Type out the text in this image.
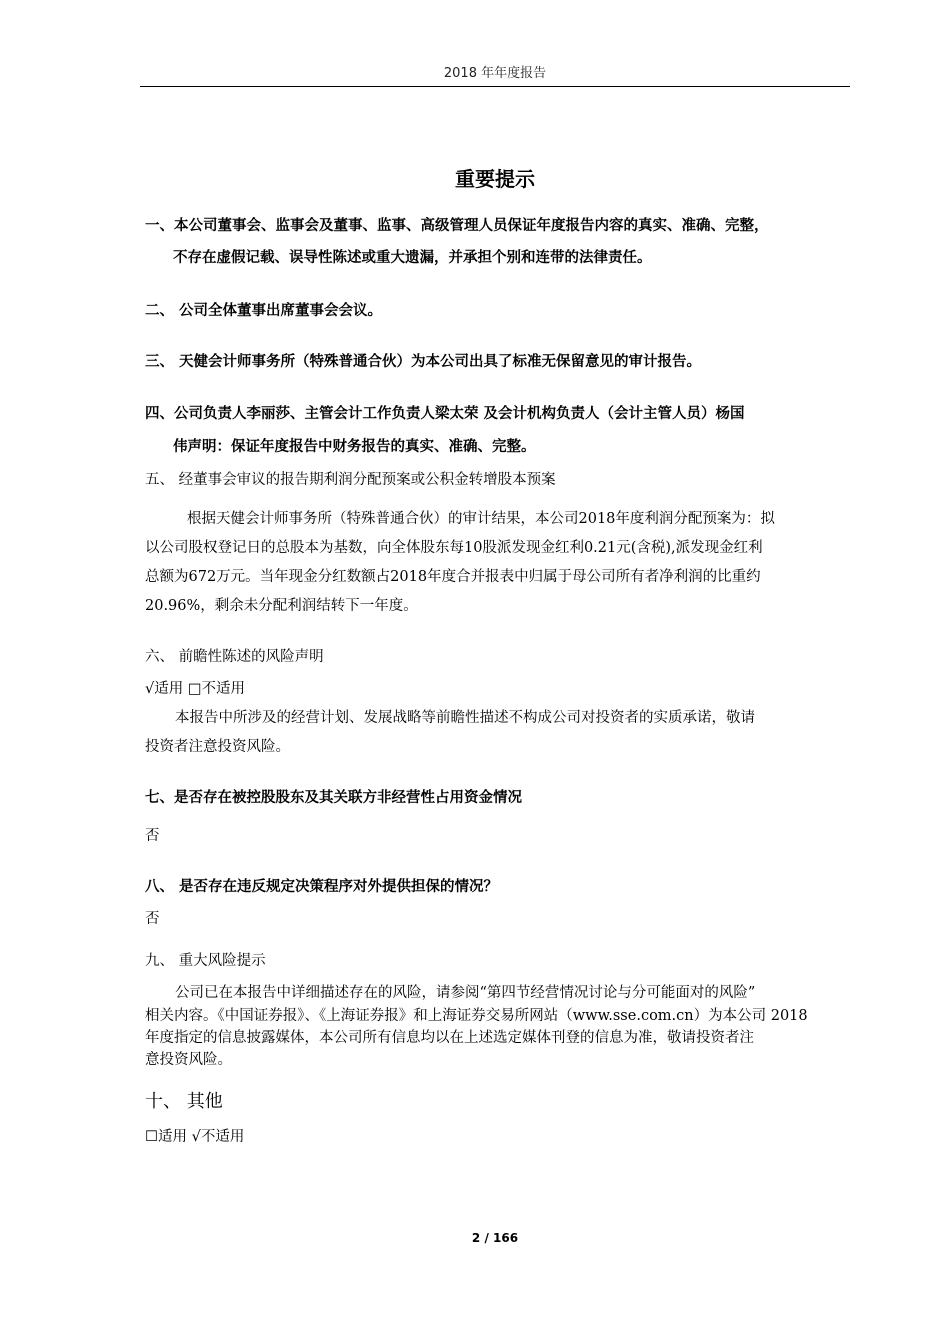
2018 年年度报告
重要提示
一、本公司董事会、监事会及董事、监事、高级管理人员保证年度报告内容的真实、准确、完整，
不存在虚假记载、误导性陈述或重大遗漏，并承担个别和连带的法律责任。
二、 公司全体董事出席董事会会议。
三、 天健会计师事务所（特殊普通合伙）为本公司出具了标准无保留意见的审计报告。
四、公司负责人李丽莎、主管会计工作负责人梁太荣 及会计机构负责人（会计主管人员）杨国
伟声明：保证年度报告中财务报告的真实、准确、完整。
五、 经董事会审议的报告期利润分配预案或公积金转增股本预案
根据天健会计师事务所（特殊普通合伙）的审计结果，本公司2018年度利润分配预案为：拟
以公司股权登记日的总股本为基数，向全体股东每10股派发现金红利0.21元(含税),派发现金红利
总额为672万元。当年现金分红数额占2018年度合并报表中归属于母公司所有者净利润的比重约
20.96%，剩余未分配利润结转下一年度。
六、 前瞻性陈述的风险声明
√适用 □不适用
本报告中所涉及的经营计划、发展战略等前瞻性描述不构成公司对投资者的实质承诺，敬请
投资者注意投资风险。
七、是否存在被控股股东及其关联方非经营性占用资金情况
否
八、 是否存在违反规定决策程序对外提供担保的情况？
否
九、 重大风险提示
公司已在本报告中详细描述存在的风险，请参阅“第四节经营情况讨论与分可能面对的风险”
相关内容。《中国证券报》、《上海证券报》和上海证券交易所网站（www.sse.com.cn）为本公司 2018
年度指定的信息披露媒体，本公司所有信息均以在上述选定媒体刊登的信息为准，敬请投资者注
意投资风险。
十、 其他
☐适用 √不适用
2 / 166
